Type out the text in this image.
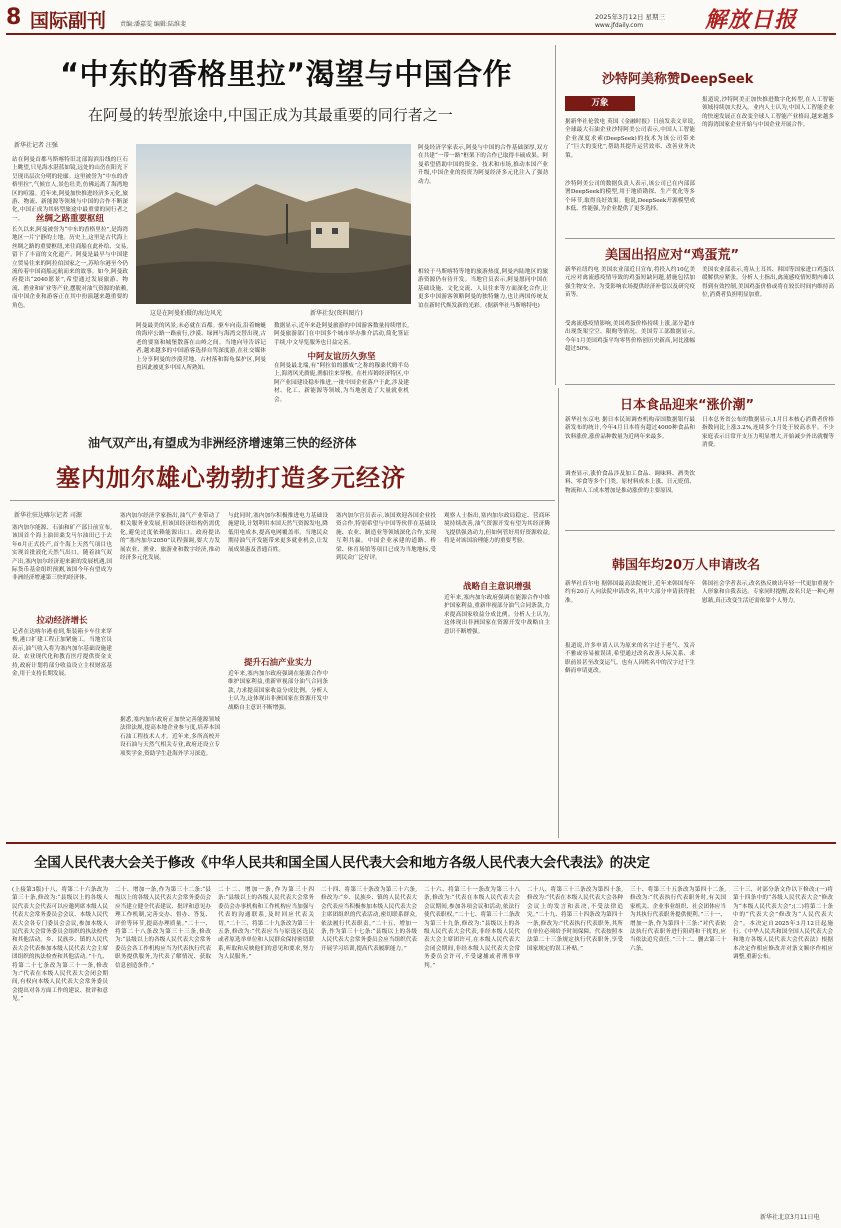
8 国际副刊 责编:潘嘉雯 编辑:陆维斐
2025年3月12日 星期三
www.jfdaily.com	解放日报
“中东的香格里拉”渴望与中国合作
在阿曼的转型旅途中,中国正成为其最重要的同行者之一
新华社记者 汪强
站在阿曼首都马斯喀特旧北部海滨沿线的巨石上眺望,只见海水湛蓝如镜,远处的山峦在阳光下呈现出层次分明的轮廓。这里被誉为“中东的香格里拉”,气候宜人,景色壮美,仿佛远离了海湾地区的喧嚣。近年来,阿曼加快推进经济多元化,旅游、物流、新能源等领域与中国的合作不断深化,中国正成为其转型旅途中最重要的同行者之一。	丝绸之路重要枢纽
长久以来,阿曼被誉为“中东的香格里拉”,是海湾地区一片宁静的土地。历史上,这里是古代海上丝绸之路的重要枢纽,来往商船在此补给、交易,留下了丰富的文化遗产。阿曼是最早与中国建立贸易往来的阿拉伯国家之一,苏哈尔港至今仍流传着中国商船远航而来的故事。如今,阿曼政府提出“2040愿景”,希望通过发展旅游、物流、渔业和矿业等产业,摆脱对油气资源的依赖,而中国企业和游客正在其中扮演越来越重要的角色。
这是在阿曼拍摄的海边风光	新华社发(资料图片)
阿曼最美的风景,未必就在首都。驱车向南,沿着蜿蜒的海岸公路一路前行,沙漠、绿洲与海湾交替出现,古老的要塞和城堡散落在山岭之间。当地向导告诉记者,越来越多的中国游客选择自驾深度游,在社交媒体上分享阿曼的沙漠营地、古村落和海龟保护区,阿曼也因此被更多中国人所熟知。
数据显示,近年来赴阿曼旅游的中国游客数量持续增长,阿曼旅游部门在中国多个城市举办推介活动,简化签证手续,中文导览服务也日益完善。
中阿友谊历久弥坚
在阿曼最北端,有“阿拉伯的挪威”之称的穆桑代姆半岛上,海湾风光旖旎,渔船往来穿梭。在杜库姆经济特区,中阿产业园建设稳步推进,一批中国企业落户于此,涉及建材、化工、新能源等领域,为当地创造了大量就业机会。
阿曼经济学家表示,阿曼与中国的合作基础深厚,双方在共建“一带一路”框架下的合作已取得丰硕成果。阿曼希望借助中国的资金、技术和市场,推动本国产业升级,中国企业的投资为阿曼经济多元化注入了强劲动力。
相较于马斯喀特等地的旅游热度,阿曼内陆地区的旅游资源仍有待开发。当地官员表示,阿曼愿同中国在基础设施、文化交流、人员往来等方面深化合作,让更多中国游客领略阿曼的独特魅力,也让两国传统友谊在新时代焕发新的光彩。(据新华社马斯喀特电)
沙特阿美称赞DeepSeek
万象
据新华社伦敦电 英国《金融时报》日前发表文章说,全球最大石油企业沙特阿美公司表示,中国人工智能企业深度求索(DeepSeek)的技术为该公司带来了“巨大的变化”,帮助其提升运营效率、改善业务决策。
沙特阿美公司的数据负责人表示,该公司已在内部部署DeepSeek的模型,用于地质勘探、生产优化等多个环节,取得良好效果。他说,DeepSeek开源模型成本低、性能强,为企业提供了更多选择。
报道说,沙特阿美正加快推进数字化转型,在人工智能领域持续加大投入。业内人士认为,中国人工智能企业的快速发展正在改变全球人工智能产业格局,越来越多的海湾国家企业开始与中国企业开展合作。
美国出招应对“鸡蛋荒”
新华社纽约电 美国农业部近日宣布,将投入约10亿美元应对禽流感疫情导致的鸡蛋短缺问题,措施包括加强生物安全、为受影响农场提供经济补偿以及研究疫苗等。
受禽流感疫情影响,美国鸡蛋价格持续上涨,部分超市出现货架空空、限购等情况。美国劳工部数据显示,今年1月美国鸡蛋平均零售价格创历史新高,同比涨幅超过50%。
美国农业部表示,将从土耳其、韩国等国家进口鸡蛋以缓解供应紧张。分析人士指出,禽流感疫情短期内难以得到有效控制,美国鸡蛋价格或将在较长时间内维持高位,消费者负担明显加重。
油气双产出,有望成为非洲经济增速第三快的经济体
塞内加尔雄心勃勃打造多元经济
新华社驻达喀尔记者 司源
塞内加尔能源、石油和矿产部日前宣布,该国首个海上油田桑戈马尔油田已于去年6月正式投产,首个海上天然气项目也实现首批液化天然气出口。随着油气双产出,塞内加尔经济迎来新的发展机遇,国际货币基金组织预测,该国今年有望成为非洲经济增速第三快的经济体。
拉动经济增长
记者在达喀尔港看到,集装箱卡车往来穿梭,港口扩建工程正加紧施工。当地官员表示,油气收入将为塞内加尔基础设施建设、农业现代化和教育医疗提供资金支持,政府计划将部分收益设立主权财富基金,用于支持长期发展。
塞内加尔经济学家指出,油气产业带动了相关服务业发展,但该国经济结构仍需优化,避免过度依赖能源出口。政府提出的“塞内加尔2050”议程强调,要大力发展农业、渔业、旅游业和数字经济,推动经济多元化发展。
据悉,塞内加尔政府正加快完善能源领域法律法规,提高本地企业参与度,培养本国石油工程技术人才。近年来,多所高校开设石油与天然气相关专业,政府还设立专项奖学金,资助学生赴海外学习深造。
与此同时,塞内加尔积极推进电力基础设施建设,计划利用本国天然气资源发电,降低用电成本,提高电网覆盖率。当地民众期待油气开发能带来更多就业机会,让发展成果惠及普通百姓。
提升石油产业实力
近年来,塞内加尔政府强调在能源合作中维护国家利益,重新审视部分油气合同条款,力求提高国家收益分成比例。分析人士认为,这体现出非洲国家在资源开发中战略自主意识不断增强。
塞内加尔官员表示,该国欢迎各国企业投资合作,特别希望与中国等伙伴在基础设施、农业、制造业等领域深化合作,实现互利共赢。中国企业承建的道路、桥梁、体育场馆等项目已成为当地地标,受到民众广泛好评。
观察人士指出,塞内加尔政局稳定、营商环境持续改善,油气资源开发有望为其经济腾飞提供强劲动力,但如何管好用好资源收益,将是对该国治理能力的重要考验。
战略自主意识增强
近年来,塞内加尔政府强调在能源合作中维护国家利益,重新审视部分油气合同条款,力求提高国家收益分成比例。分析人士认为,这体现出非洲国家在资源开发中战略自主意识不断增强。
日本食品迎来“涨价潮”
新华社东京电 据日本民间调查机构帝国数据银行最新发布的统计,今年4月日本将有超过4000种食品和饮料涨价,涨价品种数量为近两年来最多。
调查显示,涨价食品涉及加工食品、调味料、酒类饮料、零食等多个门类。原材料成本上涨、日元贬值、物流和人工成本增加是推动涨价的主要原因。
日本总务省公布的数据显示,1月日本核心消费者价格指数同比上涨3.2%,连续多个月处于较高水平。不少家庭表示日常开支压力明显增大,开始减少外出就餐等消费。
韩国年均20万人申请改名
新华社首尔电 据韩国最高法院统计,近年来韩国每年约有20万人向法院申请改名,其中大部分申请获得批准。
报道说,许多申请人认为原来的名字过于老气、发音不雅或容易被误读,希望通过改名改善人际关系、求职前景甚至改变运气。也有人因姓名中的汉字过于生僻而申请更改。
韩国社会学者表示,改名热反映出年轻一代更加重视个人形象和自我表达。专家同时提醒,改名只是一种心理慰藉,真正改变生活还需依靠个人努力。
全国人民代表大会关于修改《中华人民共和国全国人民代表大会和地方各级人民代表大会代表法》的决定
(上接第3版)十八、将第二十六条改为第三十条,修改为:“县级以上的各级人民代表大会代表可以应邀列席本级人民代表大会常务委员会会议、本级人民代表大会各专门委员会会议,参加本级人民代表大会常务委员会组织的执法检查和其他活动。乡、民族乡、镇的人民代表大会代表参加本级人民代表大会主席团组织的执法检查和其他活动。”十九、将第二十七条改为第三十一条,修改为:“代表在本级人民代表大会闭会期间,有权向本级人民代表大会常务委员会提出对各方面工作的建议、批评和意见。”
二十、增加一条,作为第三十二条:“县级以上的各级人民代表大会常务委员会应当建立健全代表建议、批评和意见办理工作机制,完善交办、督办、答复、评价等环节,提高办理质量。”二十一、将第二十八条改为第三十三条,修改为:“县级以上的各级人民代表大会常务委员会各工作机构应当为代表执行代表职务提供服务,为代表了解情况、获取信息创造条件。”
二十二、增加一条,作为第三十四条:“县级以上的各级人民代表大会常务委员会办事机构和工作机构应当加强与代表的沟通联系,及时回应代表关切。”二十三、将第二十九条改为第三十五条,修改为:“代表应当与原选区选民或者原选举单位和人民群众保持密切联系,听取和反映他们的意见和要求,努力为人民服务。”
二十四、将第三十条改为第三十六条,修改为:“乡、民族乡、镇的人民代表大会代表应当积极参加本级人民代表大会主席团组织的代表活动,密切联系群众,依法履行代表职责。”二十五、增加一条,作为第三十七条:“县级以上的各级人民代表大会常务委员会应当组织代表开展学习培训,提高代表履职能力。”
二十六、将第三十一条改为第三十八条,修改为:“代表在本级人民代表大会会议期间,参加各项会议和活动,依法行使代表职权。”二十七、将第三十二条改为第三十九条,修改为:“县级以上的各级人民代表大会代表,非经本级人民代表大会主席团许可,在本级人民代表大会闭会期间,非经本级人民代表大会常务委员会许可,不受逮捕或者刑事审判。”
二十八、将第三十三条改为第四十条,修改为:“代表在本级人民代表大会各种会议上的发言和表决,不受法律追究。”二十九、将第三十四条改为第四十一条,修改为:“代表执行代表职务,其所在单位必须给予时间保障。代表按照本法第二十三条规定执行代表职务,享受国家规定的误工补贴。”
三十、将第三十五条改为第四十二条,修改为:“代表执行代表职务时,有关国家机关、企业事业组织、社会团体应当为其执行代表职务提供便利。”三十一、增加一条,作为第四十三条:“对代表依法执行代表职务进行阻碍和干扰的,应当依法追究责任。”三十二、删去第三十六条。
三十三、对部分条文作以下修改:(一)将第十四条中的“各级人民代表大会”修改为“本级人民代表大会”;(二)将第二十条中的“代表大会”修改为“人民代表大会”。本决定自2025年3月12日起施行。《中华人民共和国全国人民代表大会和地方各级人民代表大会代表法》根据本决定作相应修改并对条文顺序作相应调整,重新公布。
新华社北京3月11日电
